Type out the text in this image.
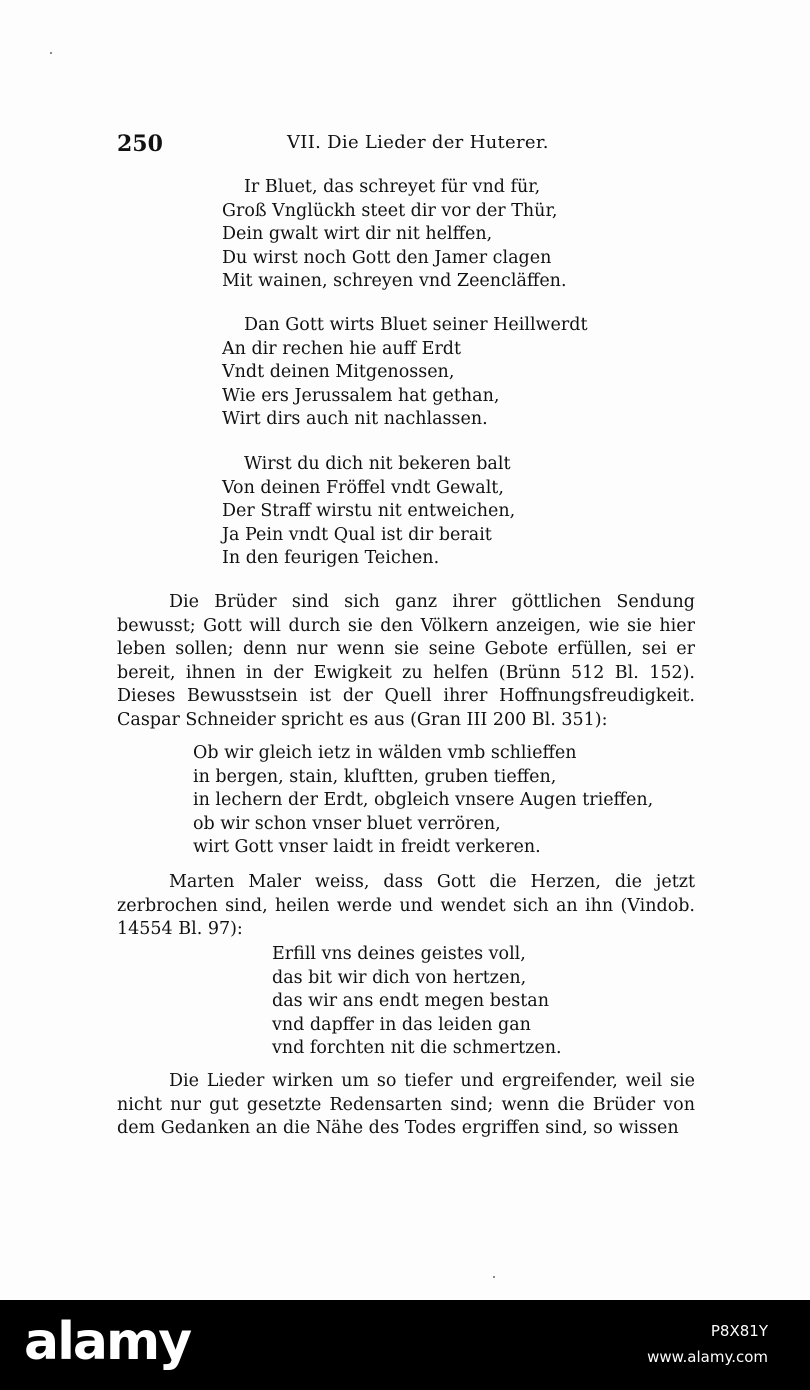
250	VII. Die Lieder der Huterer.
Ir Bluet, das schreyet für vnd für,
Groß Vnglückh steet dir vor der Thür,
Dein gwalt wirt dir nit helffen,
Du wirst noch Gott den Jamer clagen
Mit wainen, schreyen vnd Zeencläffen.
Dan Gott wirts Bluet seiner Heillwerdt
An dir rechen hie auff Erdt
Vndt deinen Mitgenossen,
Wie ers Jerussalem hat gethan,
Wirt dirs auch nit nachlassen.
Wirst du dich nit bekeren balt
Von deinen Fröffel vndt Gewalt,
Der Straff wirstu nit entweichen,
Ja Pein vndt Qual ist dir berait
In den feurigen Teichen.

Die Brüder sind sich ganz ihrer göttlichen Sendung bewusst; Gott will durch sie den Völkern anzeigen, wie sie hier leben sollen; denn nur wenn sie seine Gebote erfüllen, sei er bereit, ihnen in der Ewigkeit zu helfen (Brünn 512 Bl. 152). Dieses Bewusstsein ist der Quell ihrer Hoffnungsfreudigkeit. Caspar Schneider spricht es aus (Gran III 200 Bl. 351):

Ob wir gleich ietz in wälden vmb schlieffen
in bergen, stain, kluftten, gruben tieffen,
in lechern der Erdt, obgleich vnsere Augen trieffen,
ob wir schon vnser bluet verrören,
wirt Gott vnser laidt in freidt verkeren.

Marten Maler weiss, dass Gott die Herzen, die jetzt zerbrochen sind, heilen werde und wendet sich an ihn (Vindob. 14554 Bl. 97):

Erfill vns deines geistes voll,
das bit wir dich von hertzen,
das wir ans endt megen bestan
vnd dapffer in das leiden gan
vnd forchten nit die schmertzen.

Die Lieder wirken um so tiefer und ergreifender, weil sie nicht nur gut gesetzte Redensarten sind; wenn die Brüder von dem Gedanken an die Nähe des Todes ergriffen sind, so wissen

alamy	P8X81Y
www.alamy.com
